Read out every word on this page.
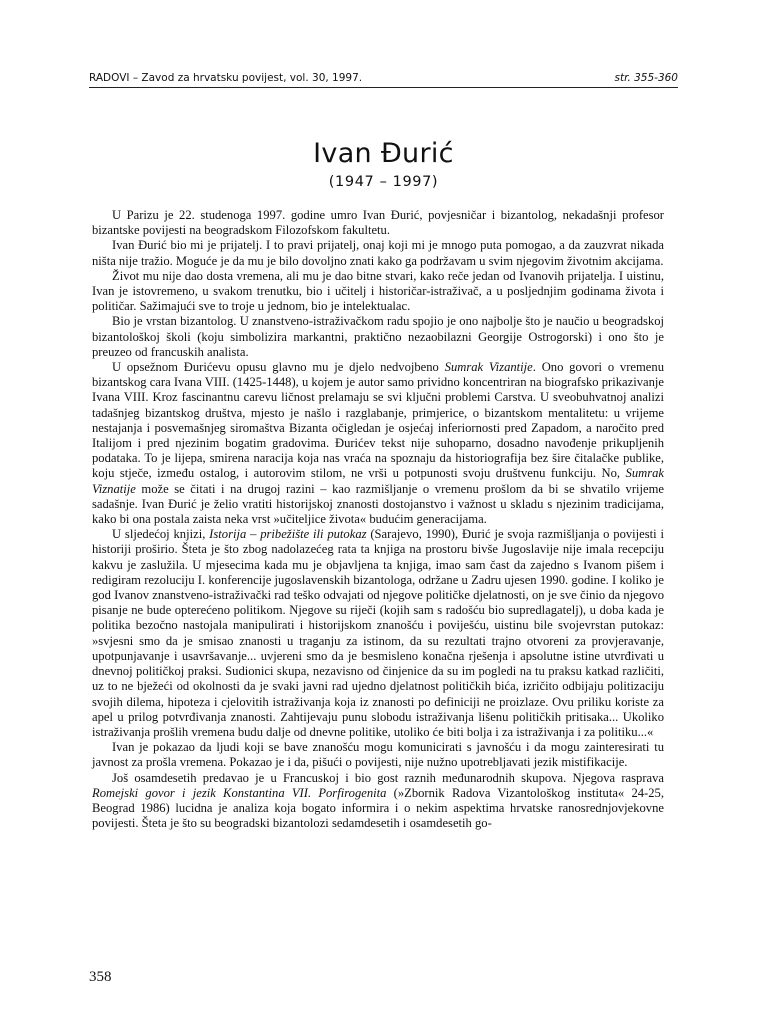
RADOVI – Zavod za hrvatsku povijest, vol. 30, 1997.	str. 355-360
Ivan Đurić
(1947 – 1997)

U Parizu je 22. studenoga 1997. godine umro Ivan Đurić, povjesničar i bizantolog, nekadašnji profesor bizantske povijesti na beogradskom Filozofskom fakultetu.

Ivan Đurić bio mi je prijatelj. I to pravi prijatelj, onaj koji mi je mnogo puta pomogao, a da zauzvrat nikada ništa nije tražio. Moguće je da mu je bilo dovoljno znati kako ga podržavam u svim njegovim životnim akcijama.

Život mu nije dao dosta vremena, ali mu je dao bitne stvari, kako reče jedan od Ivanovih prijatelja. I uistinu, Ivan je istovremeno, u svakom trenutku, bio i učitelj i historičar-istraživač, a u posljednjim godinama života i političar. Sažimajući sve to troje u jednom, bio je intelektualac.

Bio je vrstan bizantolog. U znanstveno-istraživačkom radu spojio je ono najbolje što je naučio u beogradskoj bizantološkoj školi (koju simbolizira markantni, praktično nezaobilazni Georgije Ostrogorski) i ono što je preuzeo od francuskih analista.

U opsežnom Đurićevu opusu glavno mu je djelo nedvojbeno Sumrak Vizantije. Ono govori o vremenu bizantskog cara Ivana VIII. (1425-1448), u kojem je autor samo prividno koncentriran na biografsko prikazivanje Ivana VIII. Kroz fascinantnu carevu ličnost prelamaju se svi ključni problemi Carstva. U sveobuhvatnoj analizi tadašnjeg bizantskog društva, mjesto je našlo i razglabanje, primjerice, o bizantskom mentalitetu: u vrijeme nestajanja i posvemašnjeg siromaštva Bizanta očigledan je osjećaj inferiornosti pred Zapadom, a naročito pred Italijom i pred njezinim bogatim gradovima. Đurićev tekst nije suhoparno, dosadno navođenje prikupljenih podataka. To je lijepa, smirena naracija koja nas vraća na spoznaju da historiografija bez šire čitalačke publike, koju stječe, između ostalog, i autorovim stilom, ne vrši u potpunosti svoju društvenu funkciju. No, Sumrak Viznatije može se čitati i na drugoj razini – kao razmišljanje o vremenu prošlom da bi se shvatilo vrijeme sadašnje. Ivan Đurić je želio vratiti historijskoj znanosti dostojanstvo i važnost u skladu s njezinim tradicijama, kako bi ona postala zaista neka vrst »učiteljice života« budućim generacijama.

U sljedećoj knjizi, Istorija – pribežište ili putokaz (Sarajevo, 1990), Đurić je svoja razmišljanja o povijesti i historiji proširio. Šteta je što zbog nadolazećeg rata ta knjiga na prostoru bivše Jugoslavije nije imala recepciju kakvu je zaslužila. U mjesecima kada mu je objavljena ta knjiga, imao sam čast da zajedno s Ivanom pišem i redigiram rezoluciju I. konferencije jugoslavenskih bizantologa, održane u Zadru ujesen 1990. godine. I koliko je god Ivanov znanstveno-istraživački rad teško odvajati od njegove političke djelatnosti, on je sve činio da njegovo pisanje ne bude opterećeno politikom. Njegove su riječi (kojih sam s radošću bio supredlagatelj), u doba kada je politika bezočno nastojala manipulirati i historijskom znanošću i poviješću, uistinu bile svojevrstan putokaz: »svjesni smo da je smisao znanosti u traganju za istinom, da su rezultati trajno otvoreni za provjeravanje, upotpunjavanje i usavršavanje... uvjereni smo da je besmisleno konačna rješenja i apsolutne istine utvrđivati u dnevnoj političkoj praksi. Sudionici skupa, nezavisno od činjenice da su im pogledi na tu praksu katkad različiti, uz to ne bježeći od okolnosti da je svaki javni rad ujedno djelatnost političkih bića, izričito odbijaju politizaciju svojih dilema, hipoteza i cjelovitih istraživanja koja iz znanosti po definiciji ne proizlaze. Ovu priliku koriste za apel u prilog potvrđivanja znanosti. Zahtijevaju punu slobodu istraživanja lišenu političkih pritisaka... Ukoliko istraživanja prošlih vremena budu dalje od dnevne politike, utoliko će biti bolja i za istraživanja i za politiku...«

Ivan je pokazao da ljudi koji se bave znanošću mogu komunicirati s javnošću i da mogu zainteresirati tu javnost za prošla vremena. Pokazao je i da, pišući o povijesti, nije nužno upotrebljavati jezik mistifikacije.

Još osamdesetih predavao je u Francuskoj i bio gost raznih međunarodnih skupova. Njegova rasprava Romejski govor i jezik Konstantina VII. Porfirogenita (»Zbornik Radova Vizantološkog instituta« 24-25, Beograd 1986) lucidna je analiza koja bogato informira i o nekim aspektima hrvatske ranosrednjovjekovne povijesti. Šteta je što su beogradski bizantolozi sedamdesetih i osamdesetih go-

358
